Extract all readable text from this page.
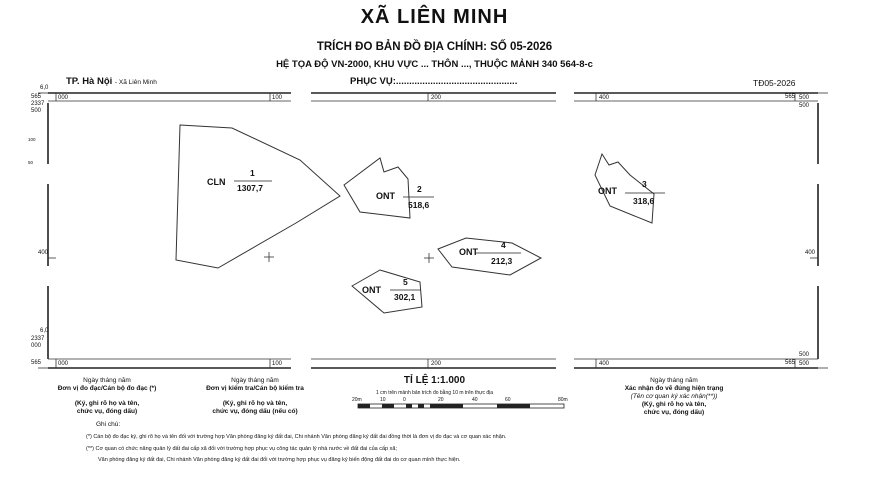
XÃ LIÊN MINH
TRÍCH ĐO BẢN ĐỒ ĐỊA CHÍNH: SỐ 05-2026
HỆ TỌA ĐỘ VN-2000, KHU VỰC ... THÔN ..., THUỘC MẢNH 340 564-8-c
TP. Hà Nội - Xã Liên Minh	PHỤC VỤ:..............................................	TĐ05-2026
000	100	200	400	500
000	100	200	400	500
400	400
6,0
565
2337
500
565
500
6,0
2337
000
565	565
500
100
50
CLN
1
1307,7
ONT
2
518,6
ONT
3
318,6
ONT
4
212,3
ONT
5
302,1
TỈ LỆ 1:1.000
1 cm trên mảnh bản trích đo bằng 10 m trên thực địa
20m	10	0	20	40	60	80m
Ngày tháng năm
Đơn vị đo đạc/Cán bộ đo đạc (*)
(Ký, ghi rõ họ và tên,
chức vụ, đóng dấu)
Ngày tháng năm
Đơn vị kiểm tra/Cán bộ kiểm tra
(Ký, ghi rõ họ và tên,
chức vụ, đóng dấu (nếu có)
Ngày tháng năm
Xác nhận đo vẽ đúng hiện trạng
(Tên cơ quan ký xác nhận(**))
(Ký, ghi rõ họ và tên,
chức vụ, đóng dấu)
Ghi chú:
(*) Cán bộ đo đạc ký, ghi rõ họ và tên đối với trường hợp Văn phòng đăng ký đất đai, Chi nhánh Văn phòng đăng ký đất đai đồng thời là đơn vị đo đạc và cơ quan xác nhận.
(**) Cơ quan có chức năng quản lý đất đai cấp xã đối với trường hợp phục vụ công tác quản lý nhà nước về đất đai của cấp xã;
Văn phòng đăng ký đất đai, Chi nhánh Văn phòng đăng ký đất đai đối với trường hợp phục vụ đăng ký biến động đất đai do cơ quan mình thực hiện.
